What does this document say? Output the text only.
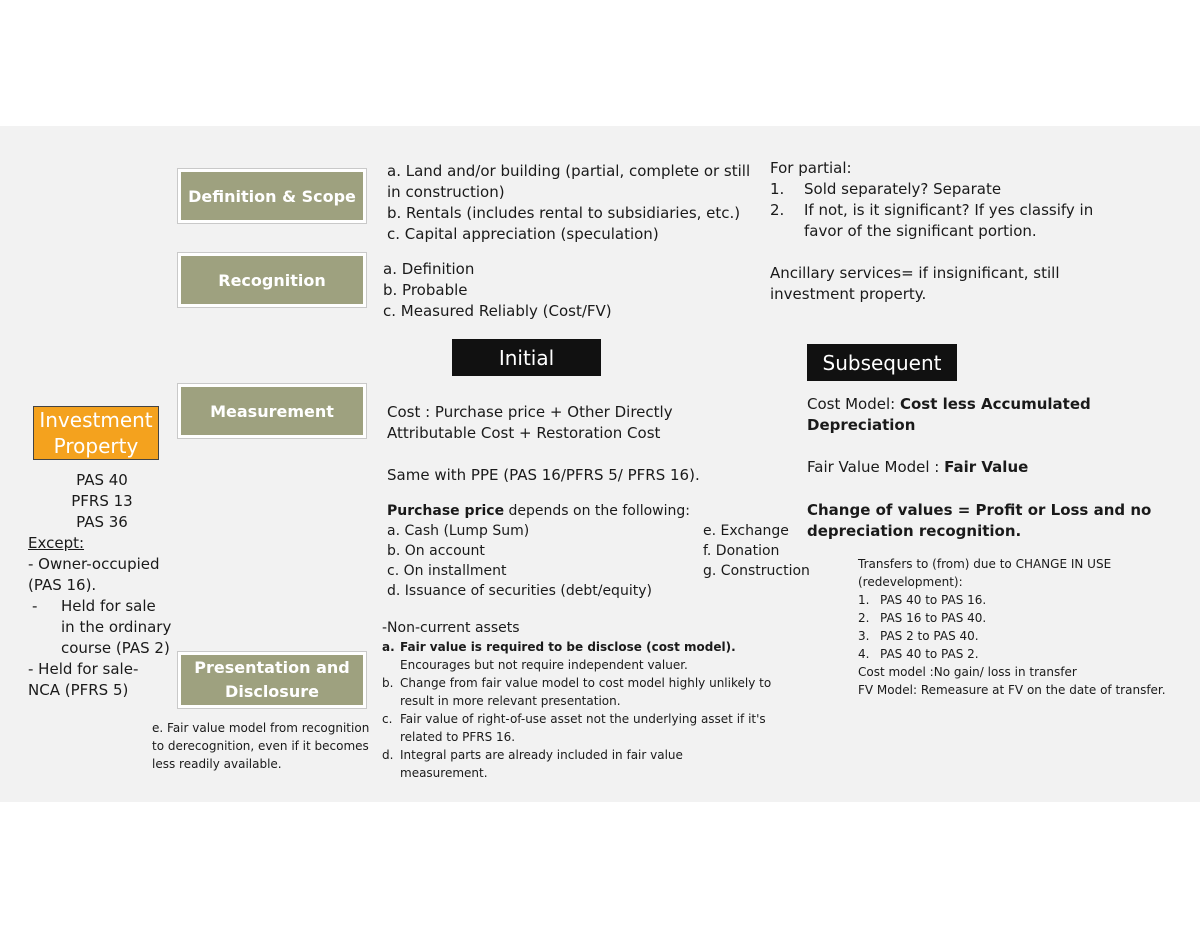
Definition & Scope
Recognition
Measurement
Presentation and Disclosure
Initial	Subsequent
Investment Property
PAS 40
PFRS 13
PAS 36
Except:
- Owner-occupied (PAS 16).
-	Held for sale in the ordinary course (PAS 2)
- Held for sale- NCA (PFRS 5)
a. Land and/or building (partial, complete or still in construction)
b. Rentals (includes rental to subsidiaries, etc.)
c. Capital appreciation (speculation)
For partial:
1.	Sold separately? Separate
2.	If not, is it significant? If yes classify in favor of the significant portion.
Ancillary services= if insignificant, still investment property.
a. Definition
b. Probable
c. Measured Reliably (Cost/FV)
Cost : Purchase price + Other Directly Attributable Cost + Restoration Cost
Same with PPE (PAS 16/PFRS 5/ PFRS 16).
Purchase price depends on the following:
a. Cash (Lump Sum)
b. On account
c. On installment
d. Issuance of securities (debt/equity)
e. Exchange
f. Donation
g. Construction
Cost Model: Cost less Accumulated Depreciation
Fair Value Model : Fair Value
Change of values = Profit or Loss and no depreciation recognition.
Transfers to (from) due to CHANGE IN USE (redevelopment):
1. PAS 40 to PAS 16.
2. PAS 16 to PAS 40.
3. PAS 2 to PAS 40.
4. PAS 40 to PAS 2.
Cost model :No gain/ loss in transfer
FV Model: Remeasure at FV on the date of transfer.
e. Fair value model from recognition to derecognition, even if it becomes less readily available.
-Non-current assets
a. Fair value is required to be disclose (cost model).
Encourages but not require independent valuer.
b. Change from fair value model to cost model highly unlikely to result in more relevant presentation.
c. Fair value of right-of-use asset not the underlying asset if it's related to PFRS 16.
d. Integral parts are already included in fair value measurement.
